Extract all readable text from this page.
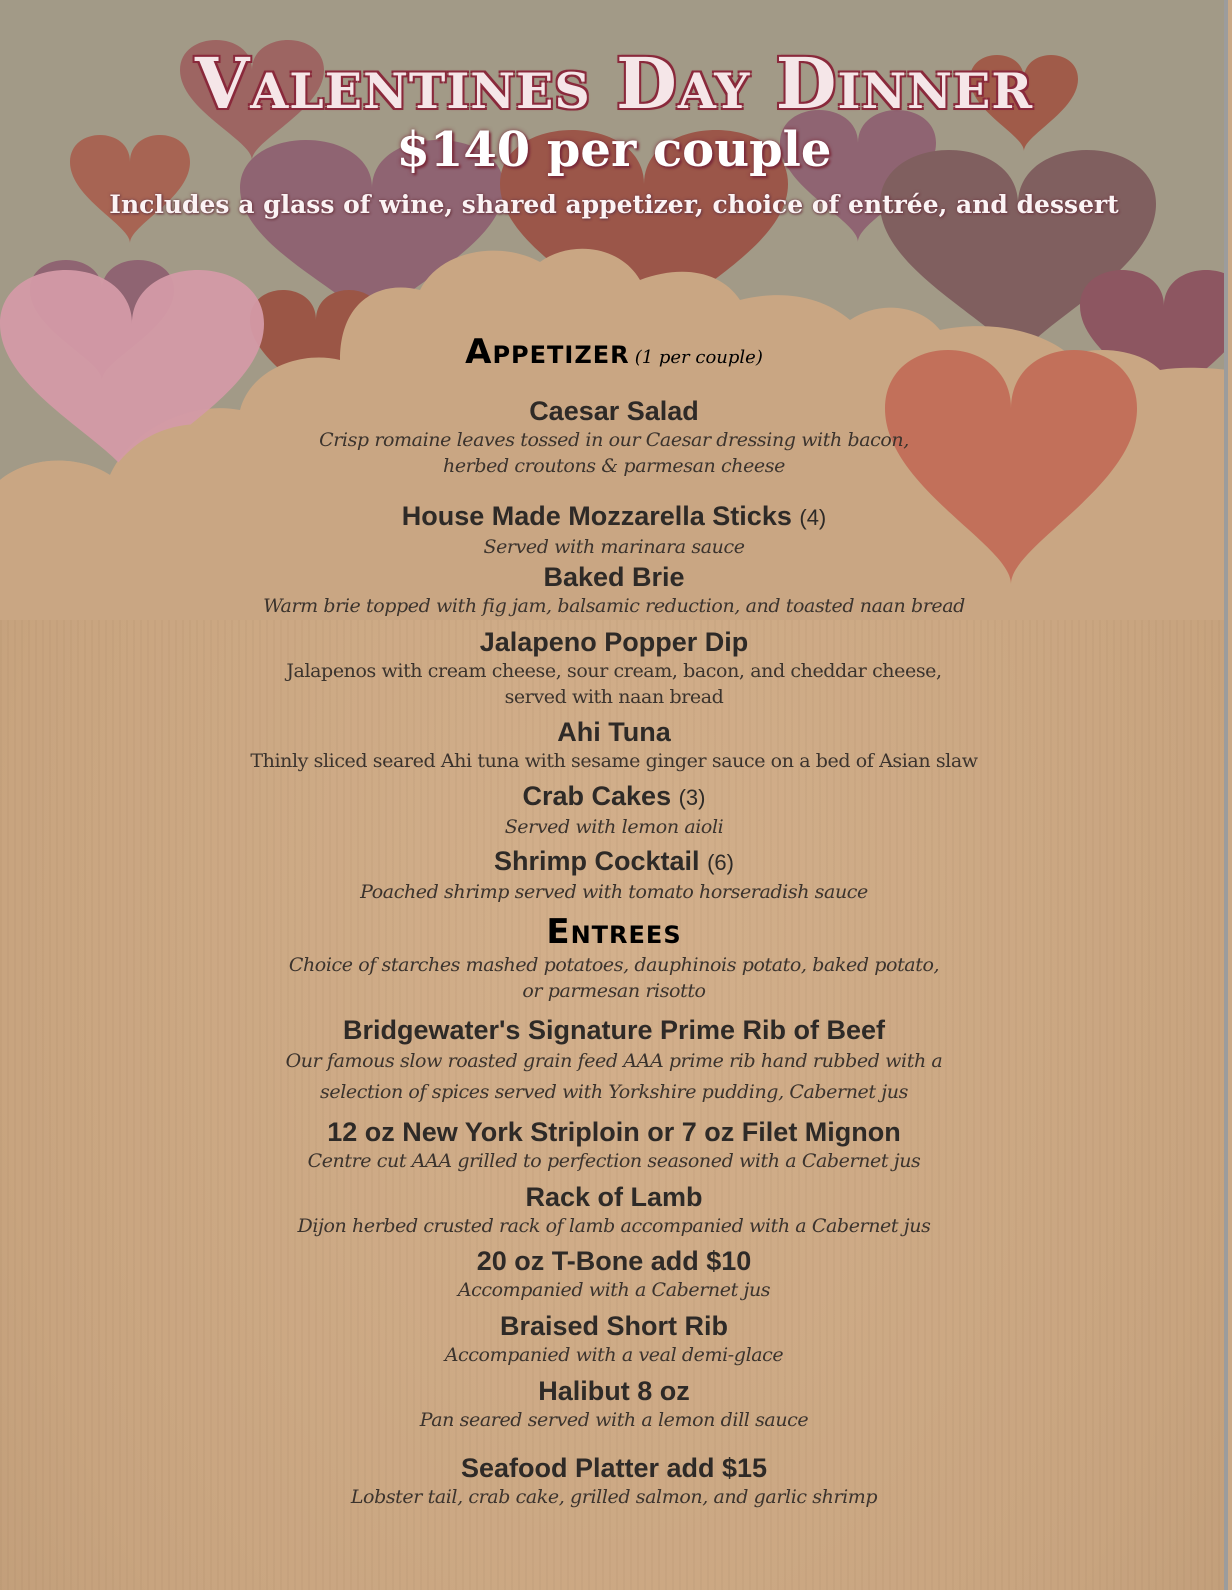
Valentines Day Dinner
$140 per couple
Includes a glass of wine, shared appetizer, choice of entrée, and dessert
Appetizer (1 per couple)
Caesar Salad
Crisp romaine leaves tossed in our Caesar dressing with bacon,
herbed croutons & parmesan cheese
House Made Mozzarella Sticks (4)
Served with marinara sauce
Baked Brie
Warm brie topped with fig jam, balsamic reduction, and toasted naan bread
Jalapeno Popper Dip
Jalapenos with cream cheese, sour cream, bacon, and cheddar cheese,
served with naan bread
Ahi Tuna
Thinly sliced seared Ahi tuna with sesame ginger sauce on a bed of Asian slaw
Crab Cakes (3)
Served with lemon aioli
Shrimp Cocktail (6)
Poached shrimp served with tomato horseradish sauce
Entrees
Choice of starches mashed potatoes, dauphinois potato, baked potato,
or parmesan risotto
Bridgewater's Signature Prime Rib of Beef
Our famous slow roasted grain feed AAA prime rib hand rubbed with a
selection of spices served with Yorkshire pudding, Cabernet jus
12 oz New York Striploin or 7 oz Filet Mignon
Centre cut AAA grilled to perfection seasoned with a Cabernet jus
Rack of Lamb
Dijon herbed crusted rack of lamb accompanied with a Cabernet jus
20 oz T-Bone add $10
Accompanied with a Cabernet jus
Braised Short Rib
Accompanied with a veal demi-glace
Halibut 8 oz
Pan seared served with a lemon dill sauce
Seafood Platter add $15
Lobster tail, crab cake, grilled salmon, and garlic shrimp
